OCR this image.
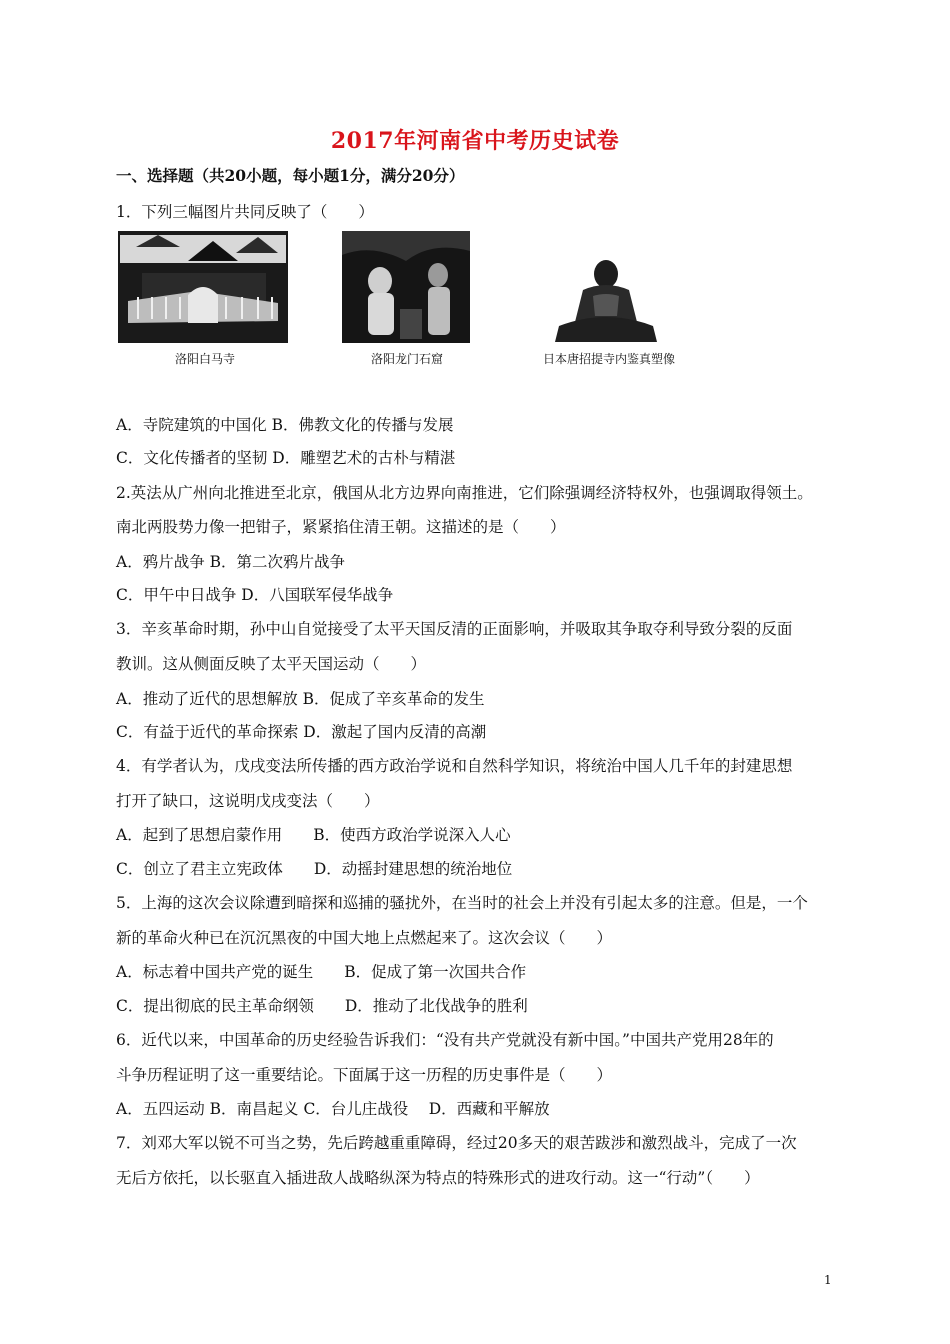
2017年河南省中考历史试卷
一、选择题（共20小题，每小题1分，满分20分）
1．下列三幅图片共同反映了（　　）
洛阳白马寺	洛阳龙门石窟	日本唐招提寺内鉴真塑像
A．寺院建筑的中国化 B．佛教文化的传播与发展
C．文化传播者的坚韧 D．雕塑艺术的古朴与精湛
2.英法从广州向北推进至北京，俄国从北方边界向南推进，它们除强调经济特权外，也强调取得领土。
南北两股势力像一把钳子，紧紧掐住清王朝。这描述的是（　　）
A．鸦片战争 B．第二次鸦片战争
C．甲午中日战争 D．八国联军侵华战争
3．辛亥革命时期，孙中山自觉接受了太平天国反清的正面影响，并吸取其争取夺利导致分裂的反面
教训。这从侧面反映了太平天国运动（　　）
A．推动了近代的思想解放 B．促成了辛亥革命的发生
C．有益于近代的革命探索 D．激起了国内反清的高潮
4．有学者认为，戊戌变法所传播的西方政治学说和自然科学知识，将统治中国人几千年的封建思想
打开了缺口，这说明戊戌变法（　　）
A．起到了思想启蒙作用　　B．使西方政治学说深入人心
C．创立了君主立宪政体　　D．动摇封建思想的统治地位
5．上海的这次会议除遭到暗探和巡捕的骚扰外，在当时的社会上并没有引起太多的注意。但是，一个
新的革命火种已在沉沉黑夜的中国大地上点燃起来了。这次会议（　　）
A．标志着中国共产党的诞生　　B．促成了第一次国共合作
C．提出彻底的民主革命纲领　　D．推动了北伐战争的胜利
6．近代以来，中国革命的历史经验告诉我们：“没有共产党就没有新中国。”中国共产党用28年的
斗争历程证明了这一重要结论。下面属于这一历程的历史事件是（　　）
A．五四运动 B．南昌起义 C．台儿庄战役　 D．西藏和平解放
7．刘邓大军以锐不可当之势，先后跨越重重障碍，经过20多天的艰苦跋涉和激烈战斗，完成了一次
无后方依托，以长驱直入插进敌人战略纵深为特点的特殊形式的进攻行动。这一“行动”（　　）
1
